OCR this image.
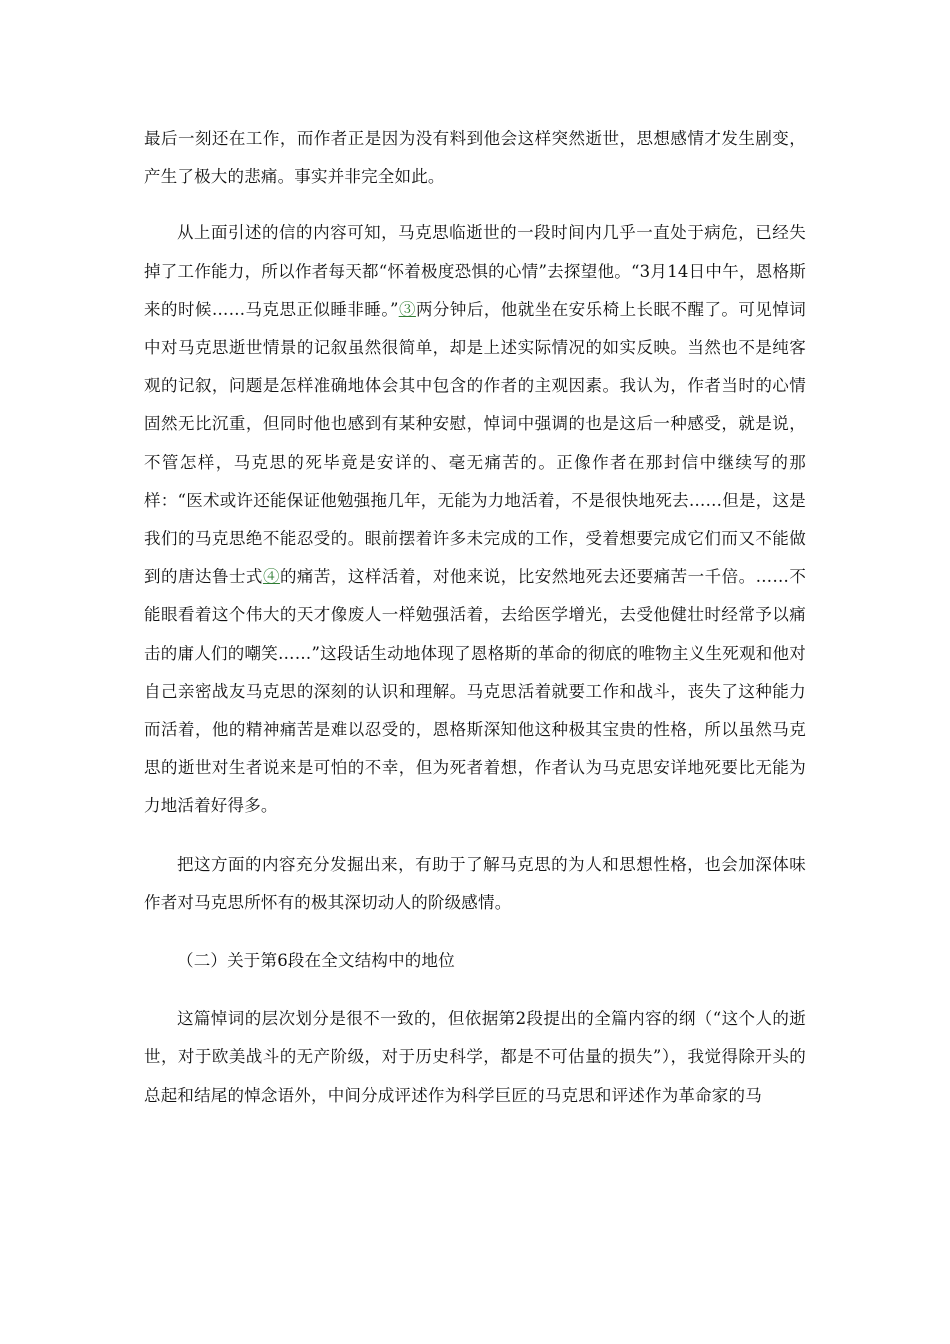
最后一刻还在工作，而作者正是因为没有料到他会这样突然逝世，思想感情才发生剧变，产生了极大的悲痛。事实并非完全如此。

从上面引述的信的内容可知，马克思临逝世的一段时间内几乎一直处于病危，已经失掉了工作能力，所以作者每天都“怀着极度恐惧的心情”去探望他。“3月14日中午，恩格斯来的时候……马克思正似睡非睡。”③两分钟后，他就坐在安乐椅上长眠不醒了。可见悼词中对马克思逝世情景的记叙虽然很简单，却是上述实际情况的如实反映。当然也不是纯客观的记叙，问题是怎样准确地体会其中包含的作者的主观因素。我认为，作者当时的心情固然无比沉重，但同时他也感到有某种安慰，悼词中强调的也是这后一种感受，就是说，不管怎样，马克思的死毕竟是安详的、毫无痛苦的。正像作者在那封信中继续写的那样：“医术或许还能保证他勉强拖几年，无能为力地活着，不是很快地死去……但是，这是我们的马克思绝不能忍受的。眼前摆着许多未完成的工作，受着想要完成它们而又不能做到的唐达鲁士式④的痛苦，这样活着，对他来说，比安然地死去还要痛苦一千倍。……不能眼看着这个伟大的天才像废人一样勉强活着，去给医学增光，去受他健壮时经常予以痛击的庸人们的嘲笑……”这段话生动地体现了恩格斯的革命的彻底的唯物主义生死观和他对自己亲密战友马克思的深刻的认识和理解。马克思活着就要工作和战斗，丧失了这种能力而活着，他的精神痛苦是难以忍受的，恩格斯深知他这种极其宝贵的性格，所以虽然马克思的逝世对生者说来是可怕的不幸，但为死者着想，作者认为马克思安详地死要比无能为力地活着好得多。

把这方面的内容充分发掘出来，有助于了解马克思的为人和思想性格，也会加深体味作者对马克思所怀有的极其深切动人的阶级感情。

（二）关于第6段在全文结构中的地位

这篇悼词的层次划分是很不一致的，但依据第2段提出的全篇内容的纲（“这个人的逝世，对于欧美战斗的无产阶级，对于历史科学，都是不可估量的损失”），我觉得除开头的总起和结尾的悼念语外，中间分成评述作为科学巨匠的马克思和评述作为革命家的马
